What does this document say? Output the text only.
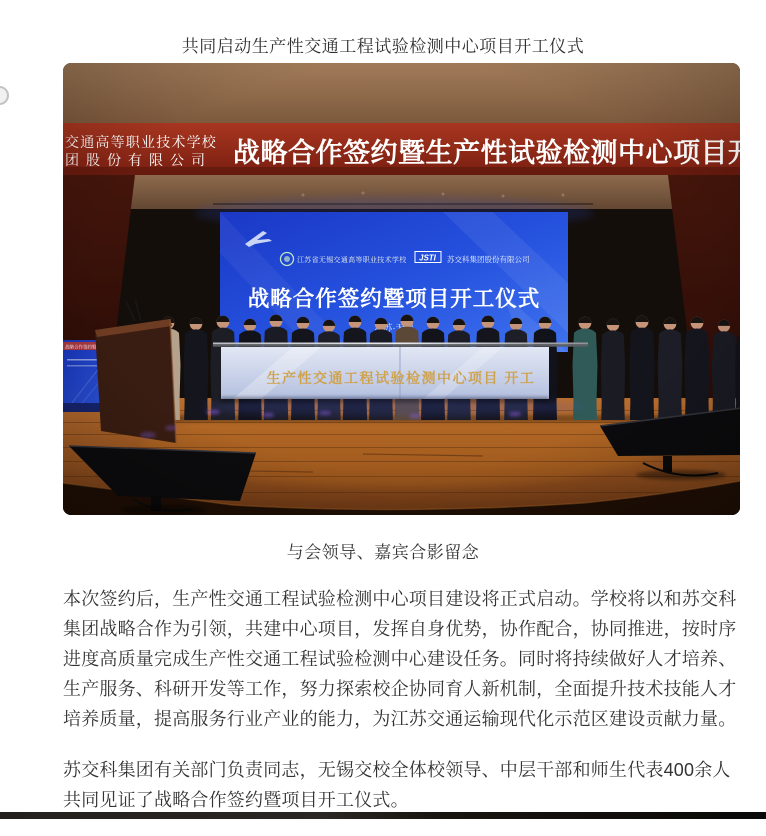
共同启动生产性交通工程试验检测中心项目开工仪式
与会领导、嘉宾合影留念

本次签约后，生产性交通工程试验检测中心项目建设将正式启动。学校将以和苏交科
集团战略合作为引领，共建中心项目，发挥自身优势，协作配合，协同推进，按时序
进度高质量完成生产性交通工程试验检测中心建设任务。同时将持续做好人才培养、
生产服务、科研开发等工作，努力探索校企协同育人新机制，全面提升技术技能人才
培养质量，提高服务行业产业的能力，为江苏交通运输现代化示范区建设贡献力量。

苏交科集团有关部门负责同志，无锡交校全体校领导、中层干部和师生代表400余人
共同见证了战略合作签约暨项目开工仪式。
